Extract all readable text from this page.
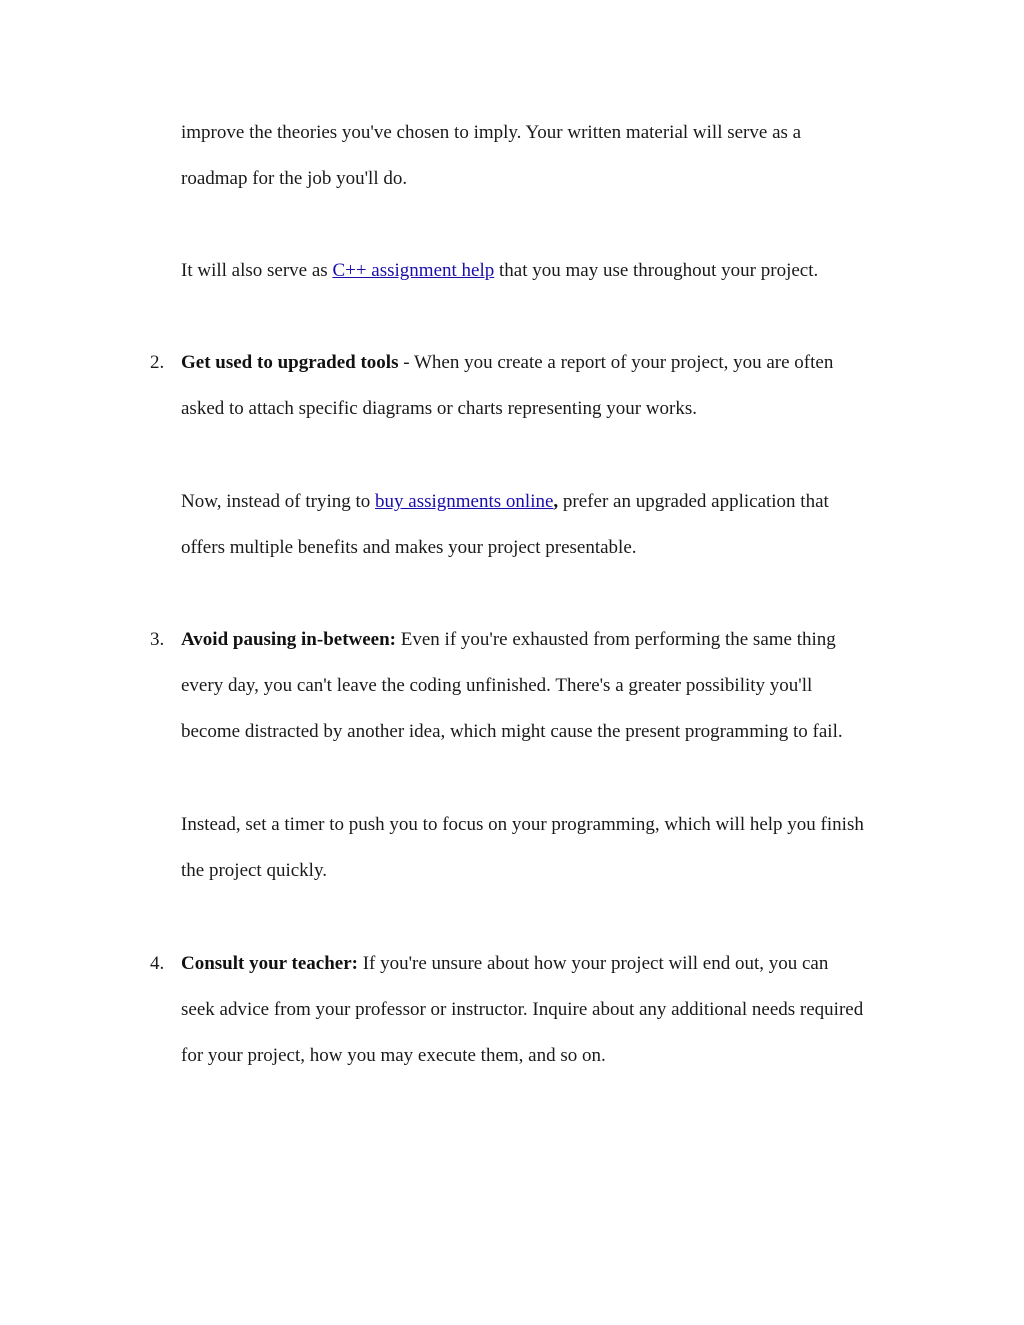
improve the theories you've chosen to imply. Your written material will serve as a
roadmap for the job you'll do.

It will also serve as C++ assignment help that you may use throughout your project.

2. Get used to upgraded tools - When you create a report of your project, you are often
asked to attach specific diagrams or charts representing your works.

Now, instead of trying to buy assignments online, prefer an upgraded application that
offers multiple benefits and makes your project presentable.

3. Avoid pausing in-between: Even if you're exhausted from performing the same thing
every day, you can't leave the coding unfinished. There's a greater possibility you'll
become distracted by another idea, which might cause the present programming to fail.

Instead, set a timer to push you to focus on your programming, which will help you finish
the project quickly.

4. Consult your teacher: If you're unsure about how your project will end out, you can
seek advice from your professor or instructor. Inquire about any additional needs required
for your project, how you may execute them, and so on.
